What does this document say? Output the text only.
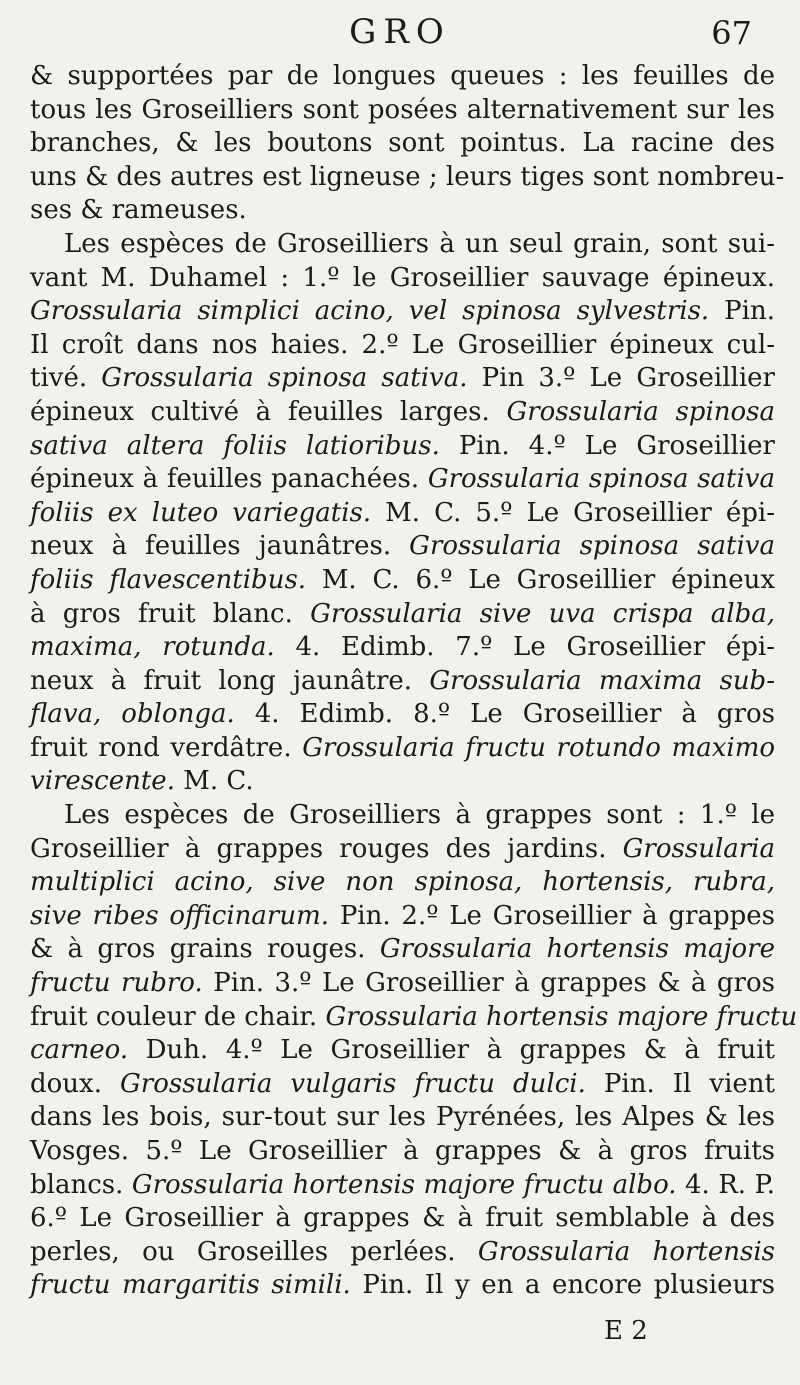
GRO	67
& supportées par de longues queues : les feuilles de
tous les Groseilliers sont posées alternativement sur les
branches, & les boutons sont pointus. La racine des
uns & des autres est ligneuse ; leurs tiges sont nombreu-
ses & rameuses.
Les espèces de Groseilliers à un seul grain, sont sui-
vant M. Duhamel : 1.º le Groseillier sauvage épineux.
Grossularia simplici acino, vel spinosa sylvestris. Pin.
Il croît dans nos haies. 2.º Le Groseillier épineux cul-
tivé. Grossularia spinosa sativa. Pin 3.º Le Groseillier
épineux cultivé à feuilles larges. Grossularia spinosa
sativa altera foliis latioribus. Pin. 4.º Le Groseillier
épineux à feuilles panachées. Grossularia spinosa sativa
foliis ex luteo variegatis. M. C. 5.º Le Groseillier épi-
neux à feuilles jaunâtres. Grossularia spinosa sativa
foliis flavescentibus. M. C. 6.º Le Groseillier épineux
à gros fruit blanc. Grossularia sive uva crispa alba,
maxima, rotunda. 4. Edimb. 7.º Le Groseillier épi-
neux à fruit long jaunâtre. Grossularia maxima sub-
flava, oblonga. 4. Edimb. 8.º Le Groseillier à gros
fruit rond verdâtre. Grossularia fructu rotundo maximo
virescente. M. C.
Les espèces de Groseilliers à grappes sont : 1.º le
Groseillier à grappes rouges des jardins. Grossularia
multiplici acino, sive non spinosa, hortensis, rubra,
sive ribes officinarum. Pin. 2.º Le Groseillier à grappes
& à gros grains rouges. Grossularia hortensis majore
fructu rubro. Pin. 3.º Le Groseillier à grappes & à gros
fruit couleur de chair. Grossularia hortensis majore fructu
carneo. Duh. 4.º Le Groseillier à grappes & à fruit
doux. Grossularia vulgaris fructu dulci. Pin. Il vient
dans les bois, sur-tout sur les Pyrénées, les Alpes & les
Vosges. 5.º Le Groseillier à grappes & à gros fruits
blancs. Grossularia hortensis majore fructu albo. 4. R. P.
6.º Le Groseillier à grappes & à fruit semblable à des
perles, ou Groseilles perlées. Grossularia hortensis
fructu margaritis simili. Pin. Il y en a encore plusieurs
E 2
